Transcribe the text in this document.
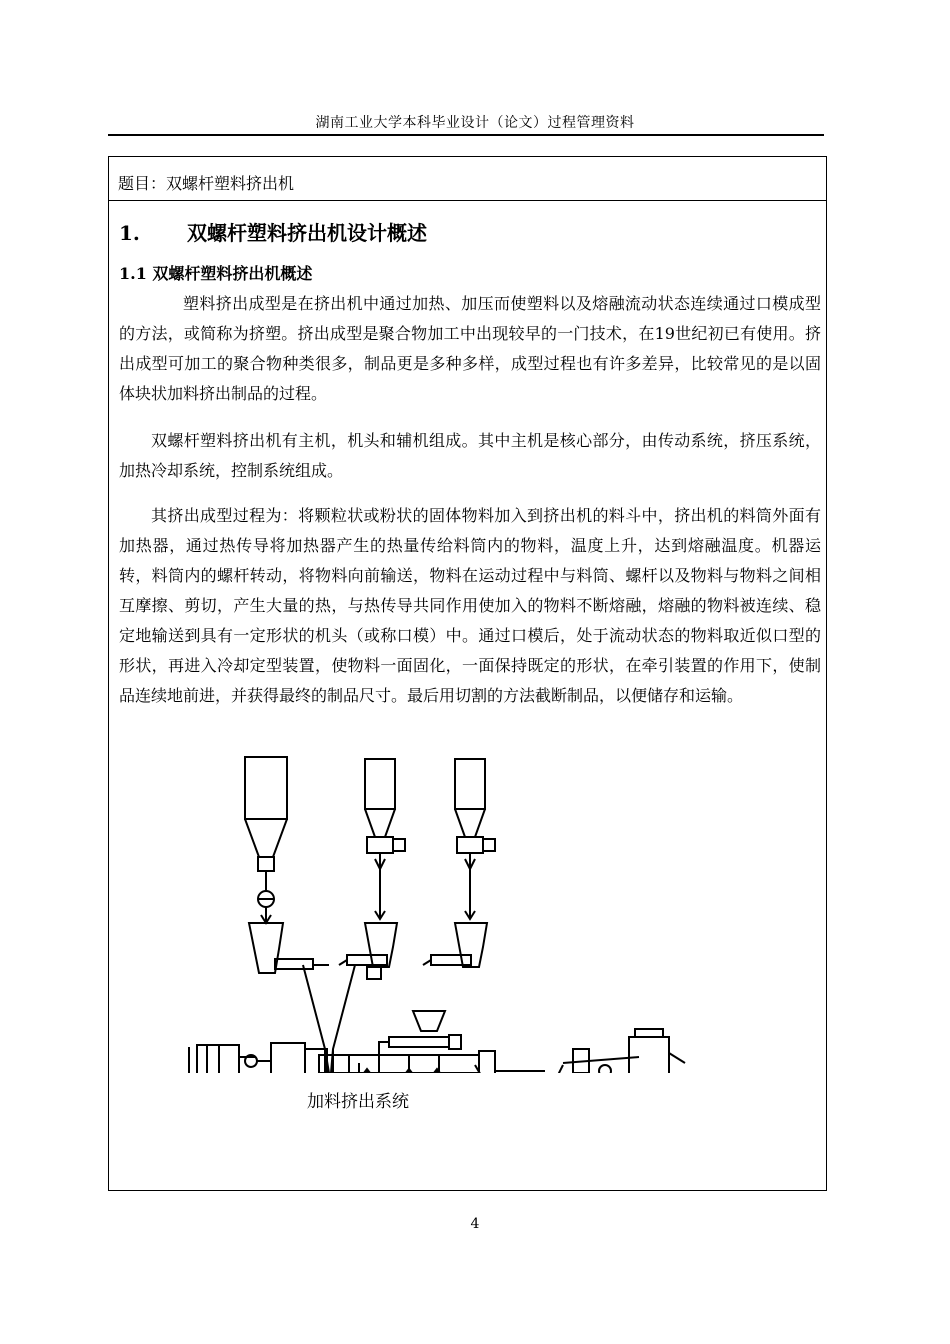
湖南工业大学本科毕业设计（论文）过程管理资料
题目：双螺杆塑料挤出机
1. 双螺杆塑料挤出机设计概述
1.1 双螺杆塑料挤出机概述

塑料挤出成型是在挤出机中通过加热、加压而使塑料以及熔融流动状态连续通过口模成型的方法，或简称为挤塑。挤出成型是聚合物加工中出现较早的一门技术，在19世纪初已有使用。挤出成型可加工的聚合物种类很多，制品更是多种多样，成型过程也有许多差异，比较常见的是以固体块状加料挤出制品的过程。

双螺杆塑料挤出机有主机，机头和辅机组成。其中主机是核心部分，由传动系统，挤压系统，加热冷却系统，控制系统组成。

其挤出成型过程为：将颗粒状或粉状的固体物料加入到挤出机的料斗中，挤出机的料筒外面有加热器，通过热传导将加热器产生的热量传给料筒内的物料，温度上升，达到熔融温度。机器运转，料筒内的螺杆转动，将物料向前输送，物料在运动过程中与料筒、螺杆以及物料与物料之间相互摩擦、剪切，产生大量的热，与热传导共同作用使加入的物料不断熔融，熔融的物料被连续、稳定地输送到具有一定形状的机头（或称口模）中。通过口模后，处于流动状态的物料取近似口型的形状，再进入冷却定型装置，使物料一面固化，一面保持既定的形状，在牵引装置的作用下，使制品连续地前进，并获得最终的制品尺寸。最后用切割的方法截断制品，以便储存和运输。

加料挤出系统
4
